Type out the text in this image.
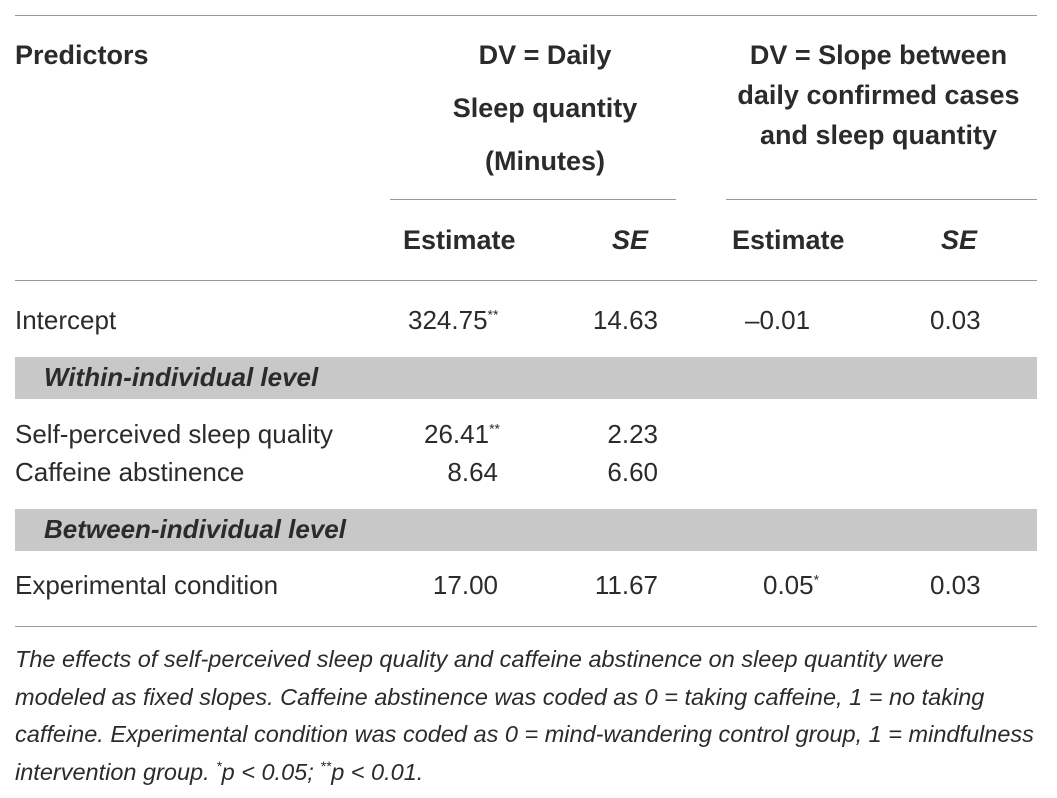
Predictors	DV = Daily
Sleep quantity
(Minutes)
DV = Slope between
daily confirmed cases
and sleep quantity
Estimate	SE	Estimate	SE
Intercept	324.75**	14.63	–0.01	0.03
Within-individual level
Self-perceived sleep quality	26.41**	2.23
Caffeine abstinence	8.64	6.60
Between-individual level
Experimental condition	17.00	11.67	0.05*	0.03
The effects of self-perceived sleep quality and caffeine abstinence on sleep quantity were modeled as fixed slopes. Caffeine abstinence was coded as 0 = taking caffeine, 1 = no taking caffeine. Experimental condition was coded as 0 = mind-wandering control group, 1 = mindfulness intervention group. *p < 0.05; **p < 0.01.
